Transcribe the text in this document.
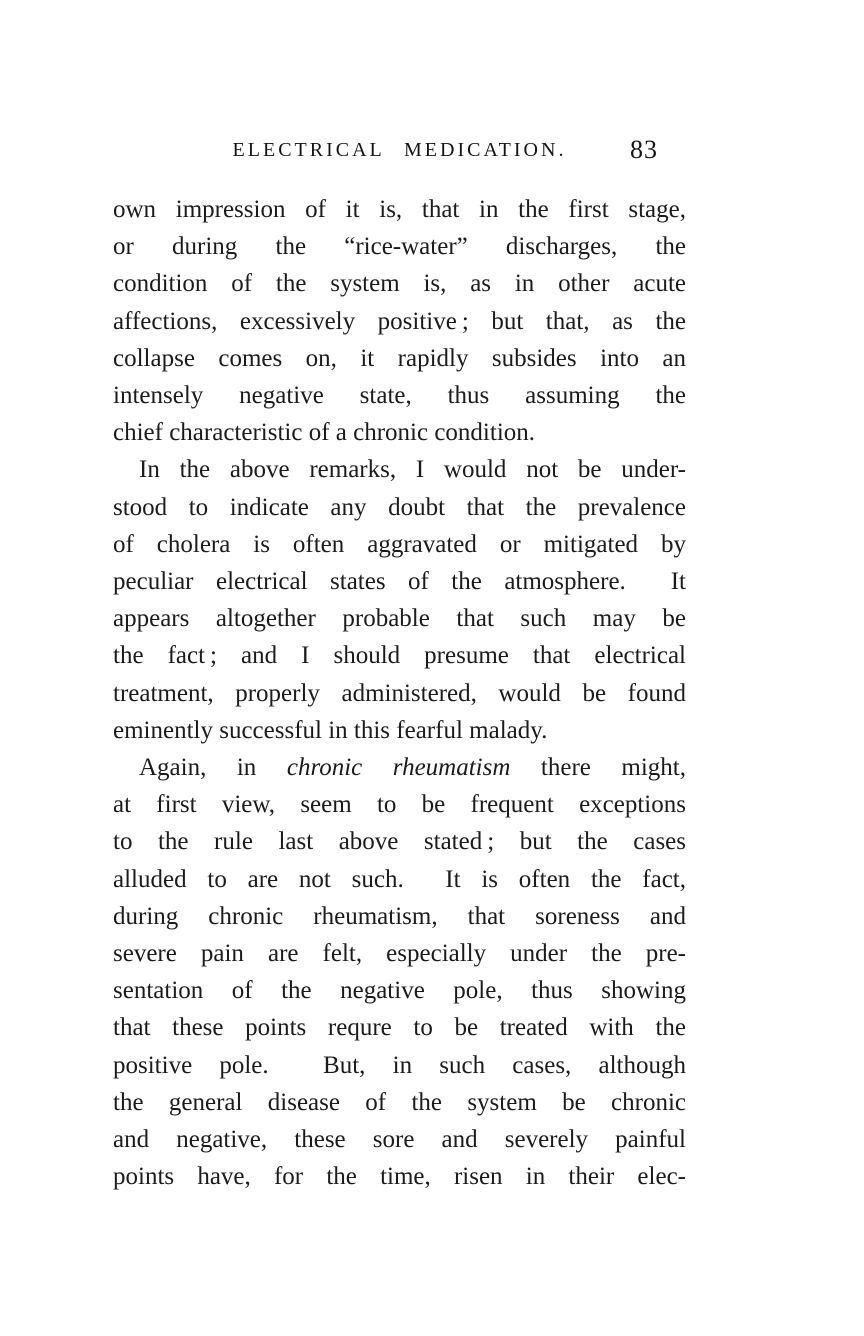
ELECTRICAL MEDICATION.	83
own impression of it is, that in the first stage,
or during the “rice-water” discharges, the
condition of the system is, as in other acute
affections, excessively positive ; but that, as the
collapse comes on, it rapidly subsides into an
intensely negative state, thus assuming the
chief characteristic of a chronic condition.
In the above remarks, I would not be under-
stood to indicate any doubt that the prevalence
of cholera is often aggravated or mitigated by
peculiar electrical states of the atmosphere.  It
appears altogether probable that such may be
the fact ; and I should presume that electrical
treatment, properly administered, would be found
eminently successful in this fearful malady.
Again, in chronic rheumatism there might,
at first view, seem to be frequent exceptions
to the rule last above stated ; but the cases
alluded to are not such.  It is often the fact,
during chronic rheumatism, that soreness and
severe pain are felt, especially under the pre-
sentation of the negative pole, thus showing
that these points requre to be treated with the
positive pole.  But, in such cases, although
the general disease of the system be chronic
and negative, these sore and severely painful
points have, for the time, risen in their elec-
